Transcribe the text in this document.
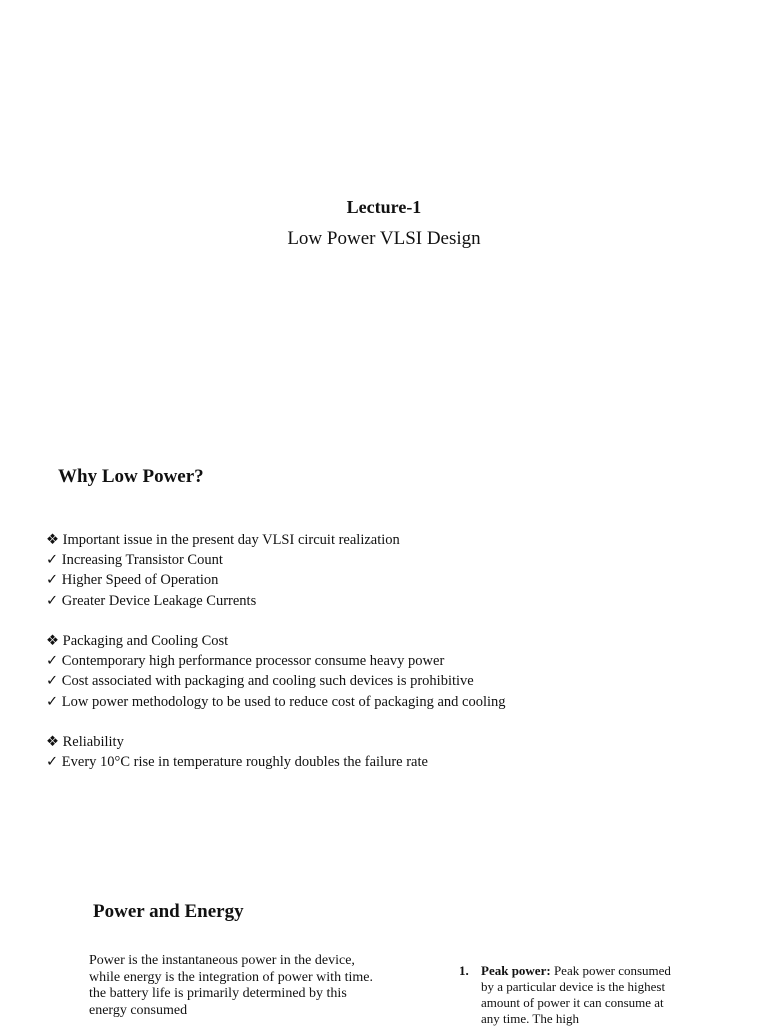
Lecture-1
Low Power VLSI Design
Why Low Power?
❖ Important issue in the present day VLSI circuit realization
✓ Increasing Transistor Count
✓ Higher Speed of Operation
✓ Greater Device Leakage Currents
❖ Packaging and Cooling Cost
✓ Contemporary high performance processor consume heavy power
✓ Cost associated with packaging and cooling such devices is prohibitive
✓ Low power methodology to be used to reduce cost of packaging and cooling
❖ Reliability
✓ Every 10°C rise in temperature roughly doubles the failure rate
Power and Energy
Power is the instantaneous power in the device, while energy is the integration of power with time. the battery life is primarily determined by this energy consumed
1. Peak power: Peak power consumed by a particular device is the highest amount of power it can consume at any time. The high
